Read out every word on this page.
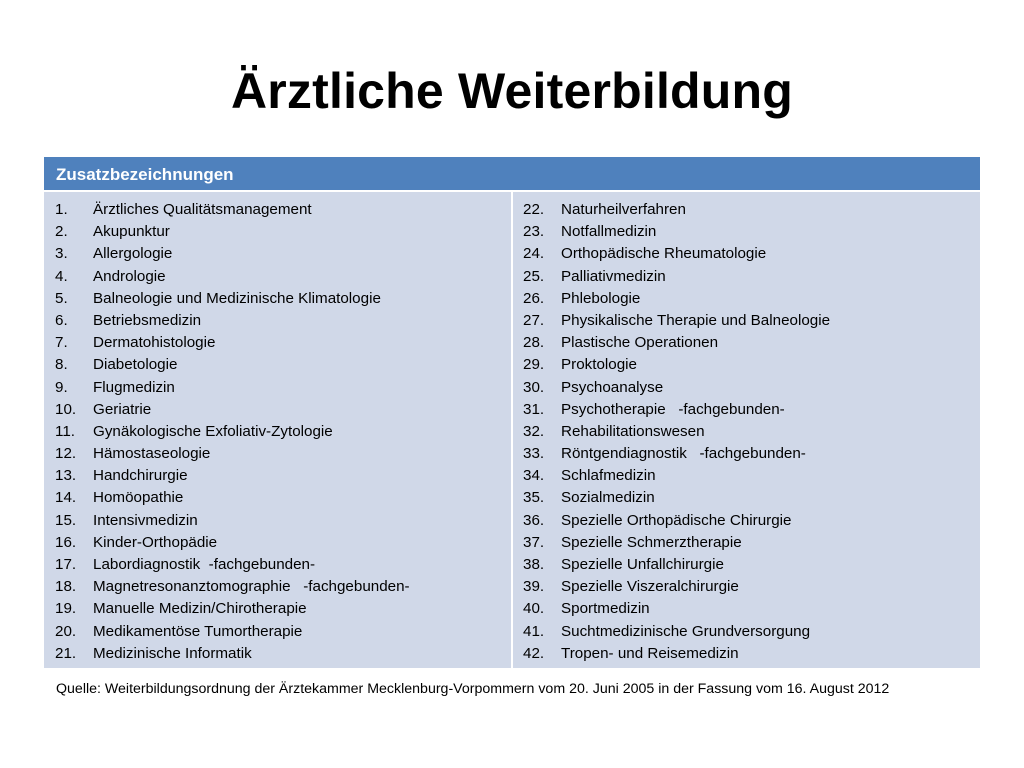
Ärztliche Weiterbildung
Zusatzbezeichnungen
1.	Ärztliches Qualitätsmanagement
2.	Akupunktur
3.	Allergologie
4.	Andrologie
5.	Balneologie und Medizinische Klimatologie
6.	Betriebsmedizin
7.	Dermatohistologie
8.	Diabetologie
9.	Flugmedizin
10.	Geriatrie
11.	Gynäkologische Exfoliativ-Zytologie
12.	Hämostaseologie
13.	Handchirurgie
14.	Homöopathie
15.	Intensivmedizin
16.	Kinder-Orthopädie
17.	Labordiagnostik  -fachgebunden-
18.	Magnetresonanztomographie   -fachgebunden-
19.	Manuelle Medizin/Chirotherapie
20.	Medikamentöse Tumortherapie
21.	Medizinische Informatik
22.	Naturheilverfahren
23.	Notfallmedizin
24.	Orthopädische Rheumatologie
25.	Palliativmedizin
26.	Phlebologie
27.	Physikalische Therapie und Balneologie
28.	Plastische Operationen
29.	Proktologie
30.	Psychoanalyse
31.	Psychotherapie   -fachgebunden-
32.	Rehabilitationswesen
33.	Röntgendiagnostik   -fachgebunden-
34.	Schlafmedizin
35.	Sozialmedizin
36.	Spezielle Orthopädische Chirurgie
37.	Spezielle Schmerztherapie
38.	Spezielle Unfallchirurgie
39.	Spezielle Viszeralchirurgie
40.	Sportmedizin
41.	Suchtmedizinische Grundversorgung
42.	Tropen- und Reisemedizin
Quelle: Weiterbildungsordnung der Ärztekammer Mecklenburg-Vorpommern vom 20. Juni 2005 in der Fassung vom 16. August 2012
